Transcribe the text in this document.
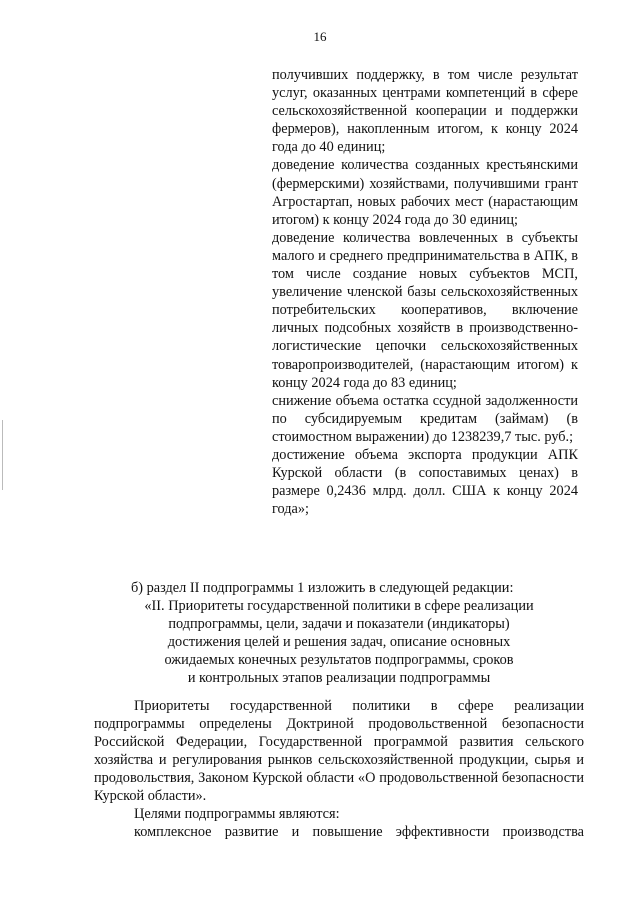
16
получивших поддержку, в том числе результат услуг, оказанных центрами компетенций в сфере сельскохозяйственной кооперации и поддержки фермеров), накопленным итогом, к концу 2024 года до 40 единиц;
доведение количества созданных крестьянскими (фермерскими) хозяйствами, получившими грант Агростартап, новых рабочих мест (нарастающим итогом) к концу 2024 года до 30 единиц;
доведение количества вовлеченных в субъекты малого и среднего предпринимательства в АПК, в том числе создание новых субъектов МСП, увеличение членской базы сельскохозяйственных потребительских кооперативов, включение личных подсобных хозяйств в производственно-логистические цепочки сельскохозяйственных товаропроизводителей, (нарастающим итогом) к концу 2024 года до 83 единиц;
снижение объема остатка ссудной задолженности по субсидируемым кредитам (займам) (в стоимостном выражении) до 1238239,7 тыс. руб.;
достижение объема экспорта продукции АПК Курской области (в сопоставимых ценах) в размере 0,2436 млрд. долл. США к концу 2024 года»;
б) раздел II подпрограммы 1 изложить в следующей редакции:
«II. Приоритеты государственной политики в сфере реализации
подпрограммы, цели, задачи и показатели (индикаторы)
достижения целей и решения задач, описание основных
ожидаемых конечных результатов подпрограммы, сроков
и контрольных этапов реализации подпрограммы
Приоритеты государственной политики в сфере реализации подпрограммы определены Доктриной продовольственной безопасности Российской Федерации, Государственной программой развития сельского хозяйства и регулирования рынков сельскохозяйственной продукции, сырья и продовольствия, Законом Курской области «О продовольственной безопасности Курской области».
Целями подпрограммы являются:
комплексное развитие и повышение эффективности производства
